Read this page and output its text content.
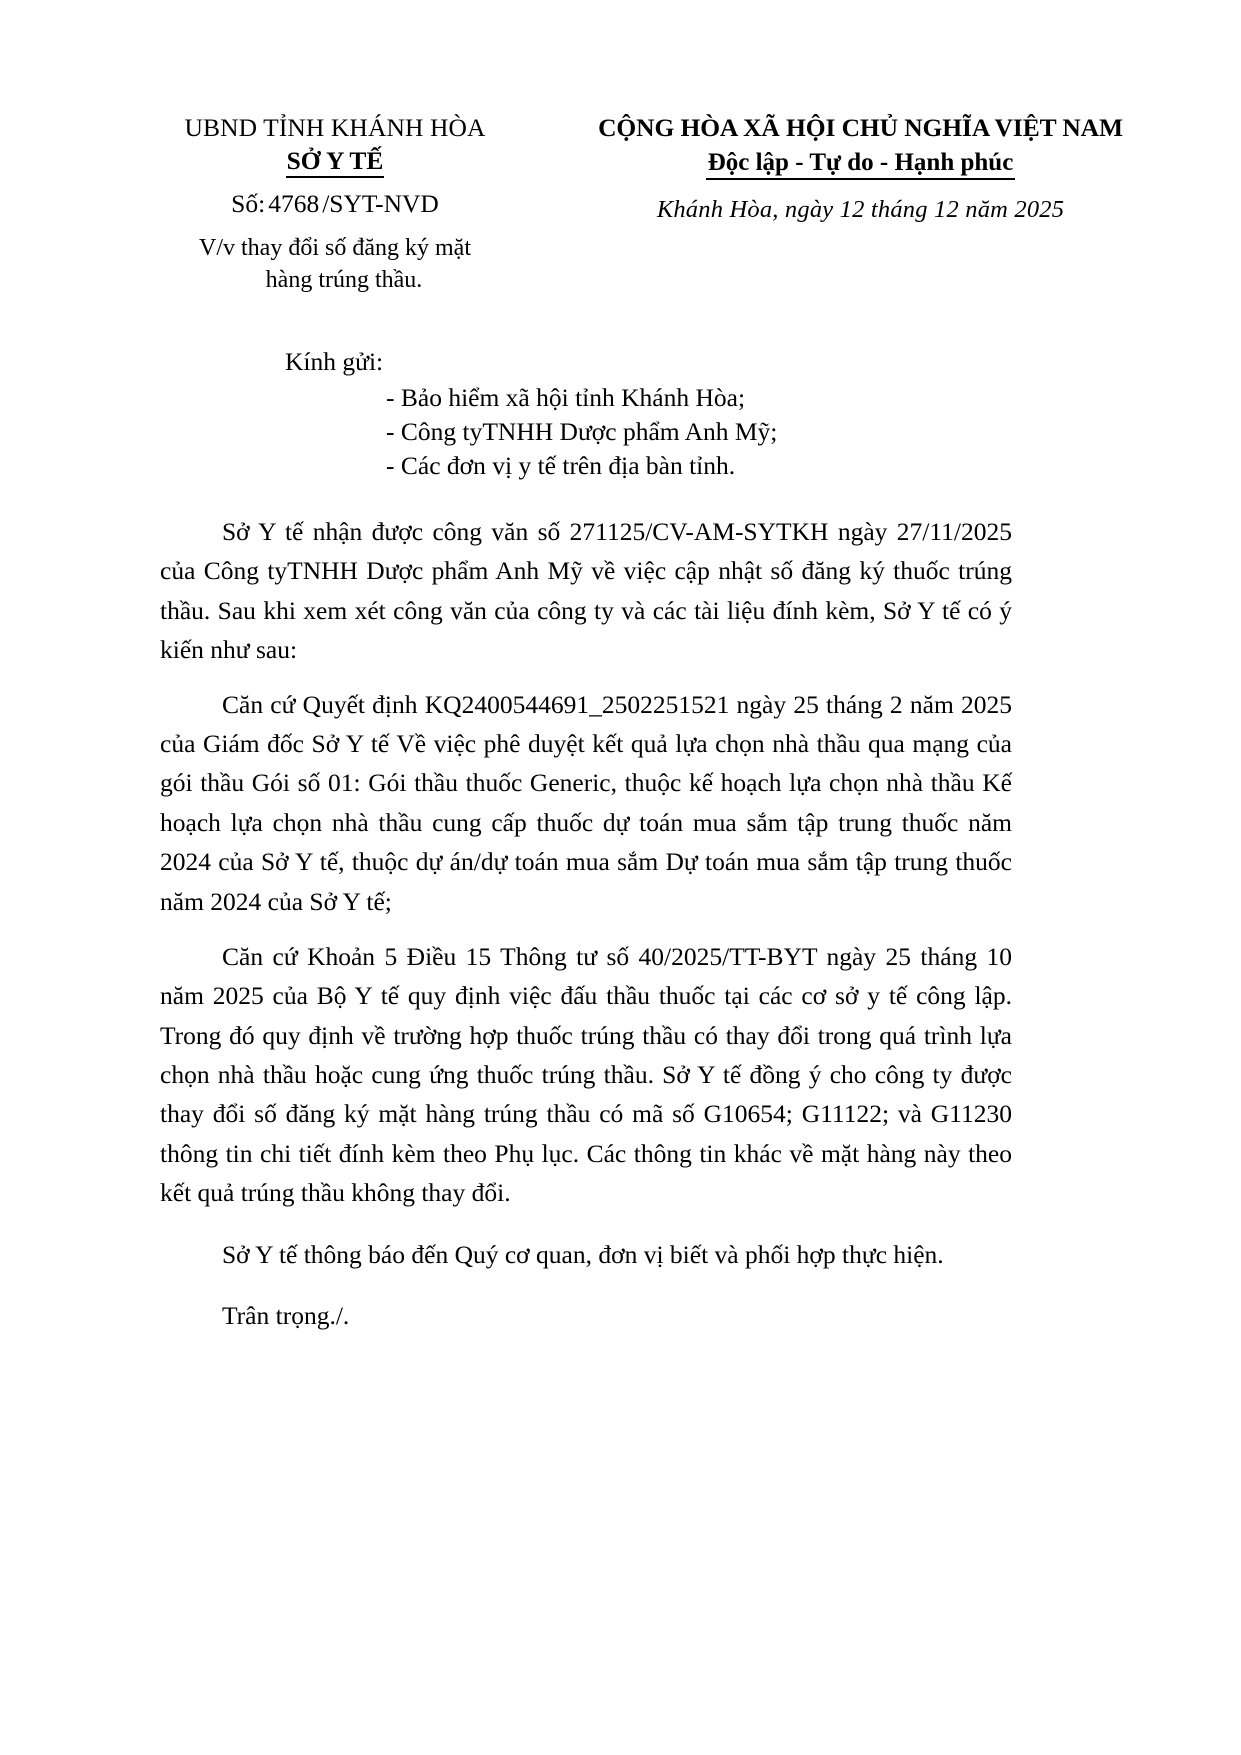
UBND TỈNH KHÁNH HÒA
SỞ Y TẾ
Số: 4768 /SYT-NVD
V/v thay đổi số đăng ký mặt
hàng trúng thầu.
CỘNG HÒA XÃ HỘI CHỦ NGHĨA VIỆT NAM
Độc lập - Tự do - Hạnh phúc
Khánh Hòa, ngày 12 tháng 12 năm 2025
Kính gửi:
- Bảo hiểm xã hội tỉnh Khánh Hòa;
- Công tyTNHH Dược phẩm Anh Mỹ;
- Các đơn vị y tế trên địa bàn tỉnh.

Sở Y tế nhận được công văn số 271125/CV-AM-SYTKH ngày 27/11/2025 của Công tyTNHH Dược phẩm Anh Mỹ về việc cập nhật số đăng ký thuốc trúng thầu. Sau khi xem xét công văn của công ty và các tài liệu đính kèm, Sở Y tế có ý kiến như sau:

Căn cứ Quyết định KQ2400544691_2502251521 ngày 25 tháng 2 năm 2025 của Giám đốc Sở Y tế Về việc phê duyệt kết quả lựa chọn nhà thầu qua mạng của gói thầu Gói số 01: Gói thầu thuốc Generic, thuộc kế hoạch lựa chọn nhà thầu Kế hoạch lựa chọn nhà thầu cung cấp thuốc dự toán mua sắm tập trung thuốc năm 2024 của Sở Y tế, thuộc dự án/dự toán mua sắm Dự toán mua sắm tập trung thuốc năm 2024 của Sở Y tế;

Căn cứ Khoản 5 Điều 15 Thông tư số 40/2025/TT-BYT ngày 25 tháng 10 năm 2025 của Bộ Y tế quy định việc đấu thầu thuốc tại các cơ sở y tế công lập. Trong đó quy định về trường hợp thuốc trúng thầu có thay đổi trong quá trình lựa chọn nhà thầu hoặc cung ứng thuốc trúng thầu. Sở Y tế đồng ý cho công ty được thay đổi số đăng ký mặt hàng trúng thầu có mã số G10654; G11122; và G11230 thông tin chi tiết đính kèm theo Phụ lục. Các thông tin khác về mặt hàng này theo kết quả trúng thầu không thay đổi.

Sở Y tế thông báo đến Quý cơ quan, đơn vị biết và phối hợp thực hiện.

Trân trọng./.
